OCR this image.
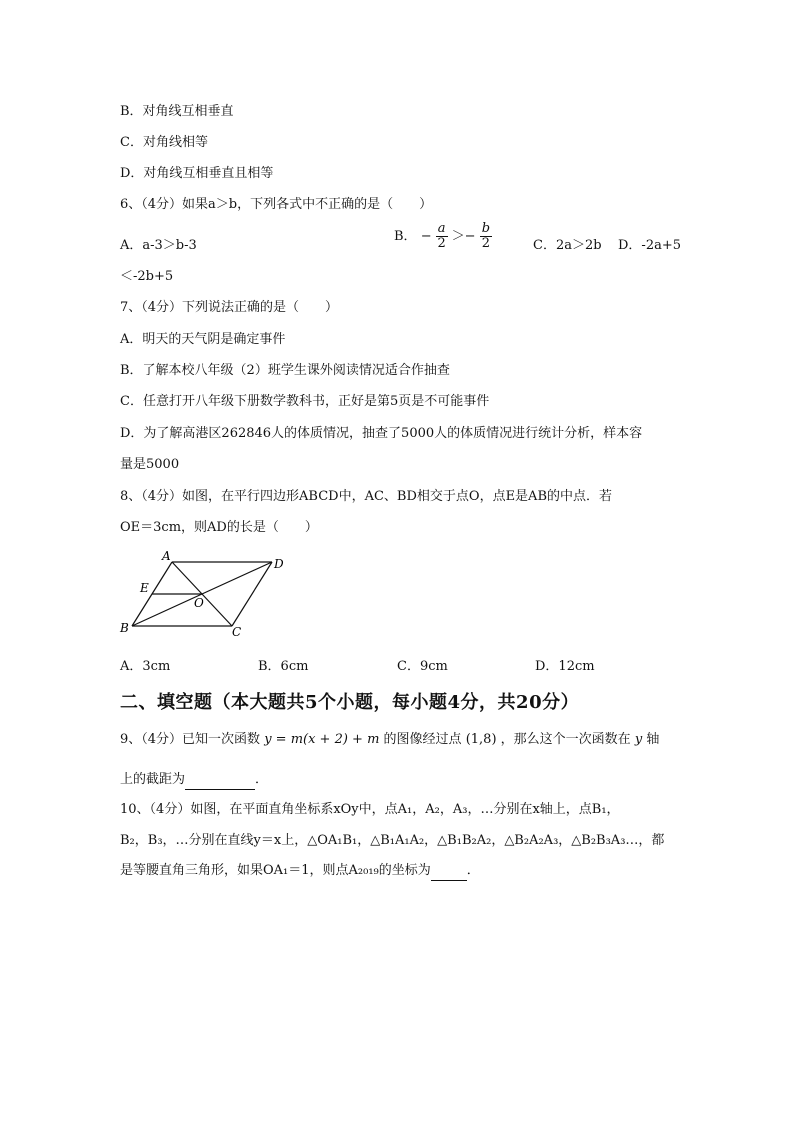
B．对角线互相垂直
C．对角线相等
D．对角线互相垂直且相等
6、（4分）如果a＞b，下列各式中不正确的是（　　）
A．a-3＞b-3
B． − $\frac{a}{2} >- \frac{b}{2}$	C．2a＞2b D．-2a+5
＜-2b+5
7、（4分）下列说法正确的是（　　）
A．明天的天气阴是确定事件
B．了解本校八年级（2）班学生课外阅读情况适合作抽查
C．任意打开八年级下册数学教科书，正好是第5页是不可能事件
D．为了解高港区262846人的体质情况，抽查了5000人的体质情况进行统计分析，样本容
量是5000
8、（4分）如图，在平行四边形ABCD中，AC、BD相交于点O，点E是AB的中点．若
OE＝3cm，则AD的长是（　　）
A
D
E
O
B	C
A．3cm	B．6cm	C．9cm	D．12cm
二、填空题（本大题共5个小题，每小题4分，共20分）
9、（4分）已知一次函数 y = m(x + 2) + m 的图像经过点 (1,8) ，那么这个一次函数在 y 轴
上的截距为	．
10、（4分）如图，在平面直角坐标系xOy中，点A₁，A₂，A₃，…分别在x轴上，点B₁，
B₂，B₃，…分别在直线y＝x上，△OA₁B₁，△B₁A₁A₂，△B₁B₂A₂，△B₂A₂A₃，△B₂B₃A₃…，都
是等腰直角三角形，如果OA₁＝1，则点A₂₀₁₉的坐标为	．
